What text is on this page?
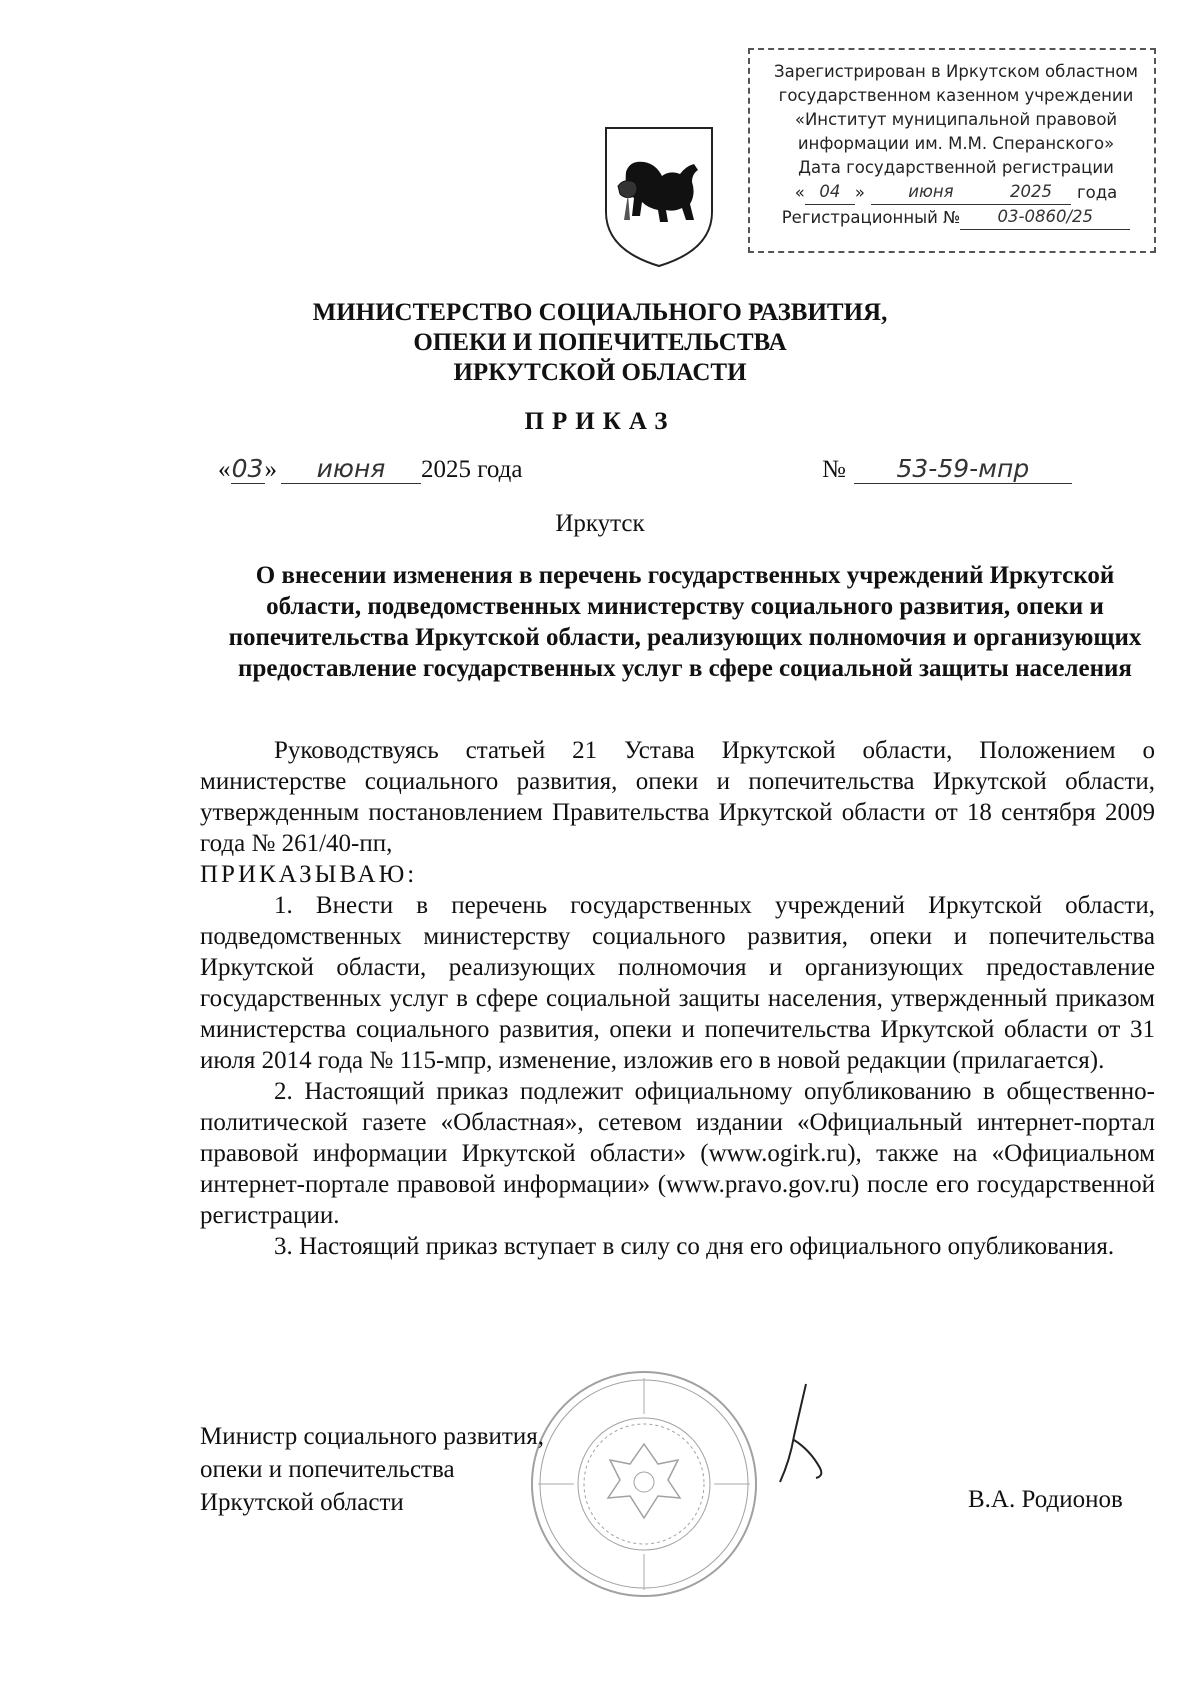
Зарегистрирован в Иркутском областном
государственном казенном учреждении
«Институт муниципальной правовой
информации им. М.М. Сперанского»
Дата государственной регистрации
« 04 »	июня	2025	года
Регистрационный №	03-0860/25
МИНИСТЕРСТВО СОЦИАЛЬНОГО РАЗВИТИЯ,
ОПЕКИ И ПОПЕЧИТЕЛЬСТВА
ИРКУТСКОЙ ОБЛАСТИ
ПРИКАЗ
« 03 »	июня	2025 года	№	53-59-мпр
Иркутск
О внесении изменения в перечень государственных учреждений Иркутской области, подведомственных министерству социального развития, опеки и попечительства Иркутской области, реализующих полномочия и организующих предоставление государственных услуг в сфере социальной защиты населения

Руководствуясь статьей 21 Устава Иркутской области, Положением о министерстве социального развития, опеки и попечительства Иркутской области, утвержденным постановлением Правительства Иркутской области от 18 сентября 2009 года № 261/40-пп,

ПРИКАЗЫВАЮ:

1. Внести в перечень государственных учреждений Иркутской области, подведомственных министерству социального развития, опеки и попечительства Иркутской области, реализующих полномочия и организующих предоставление государственных услуг в сфере социальной защиты населения, утвержденный приказом министерства социального развития, опеки и попечительства Иркутской области от 31 июля 2014 года № 115-мпр, изменение, изложив его в новой редакции (прилагается).

2. Настоящий приказ подлежит официальному опубликованию в общественно-политической газете «Областная», сетевом издании «Официальный интернет-портал правовой информации Иркутской области» (www.ogirk.ru), также на «Официальном интернет-портале правовой информации» (www.pravo.gov.ru) после его государственной регистрации.

3. Настоящий приказ вступает в силу со дня его официального опубликования.

Министр социального развития,
опеки и попечительства
Иркутской области	В.А. Родионов
